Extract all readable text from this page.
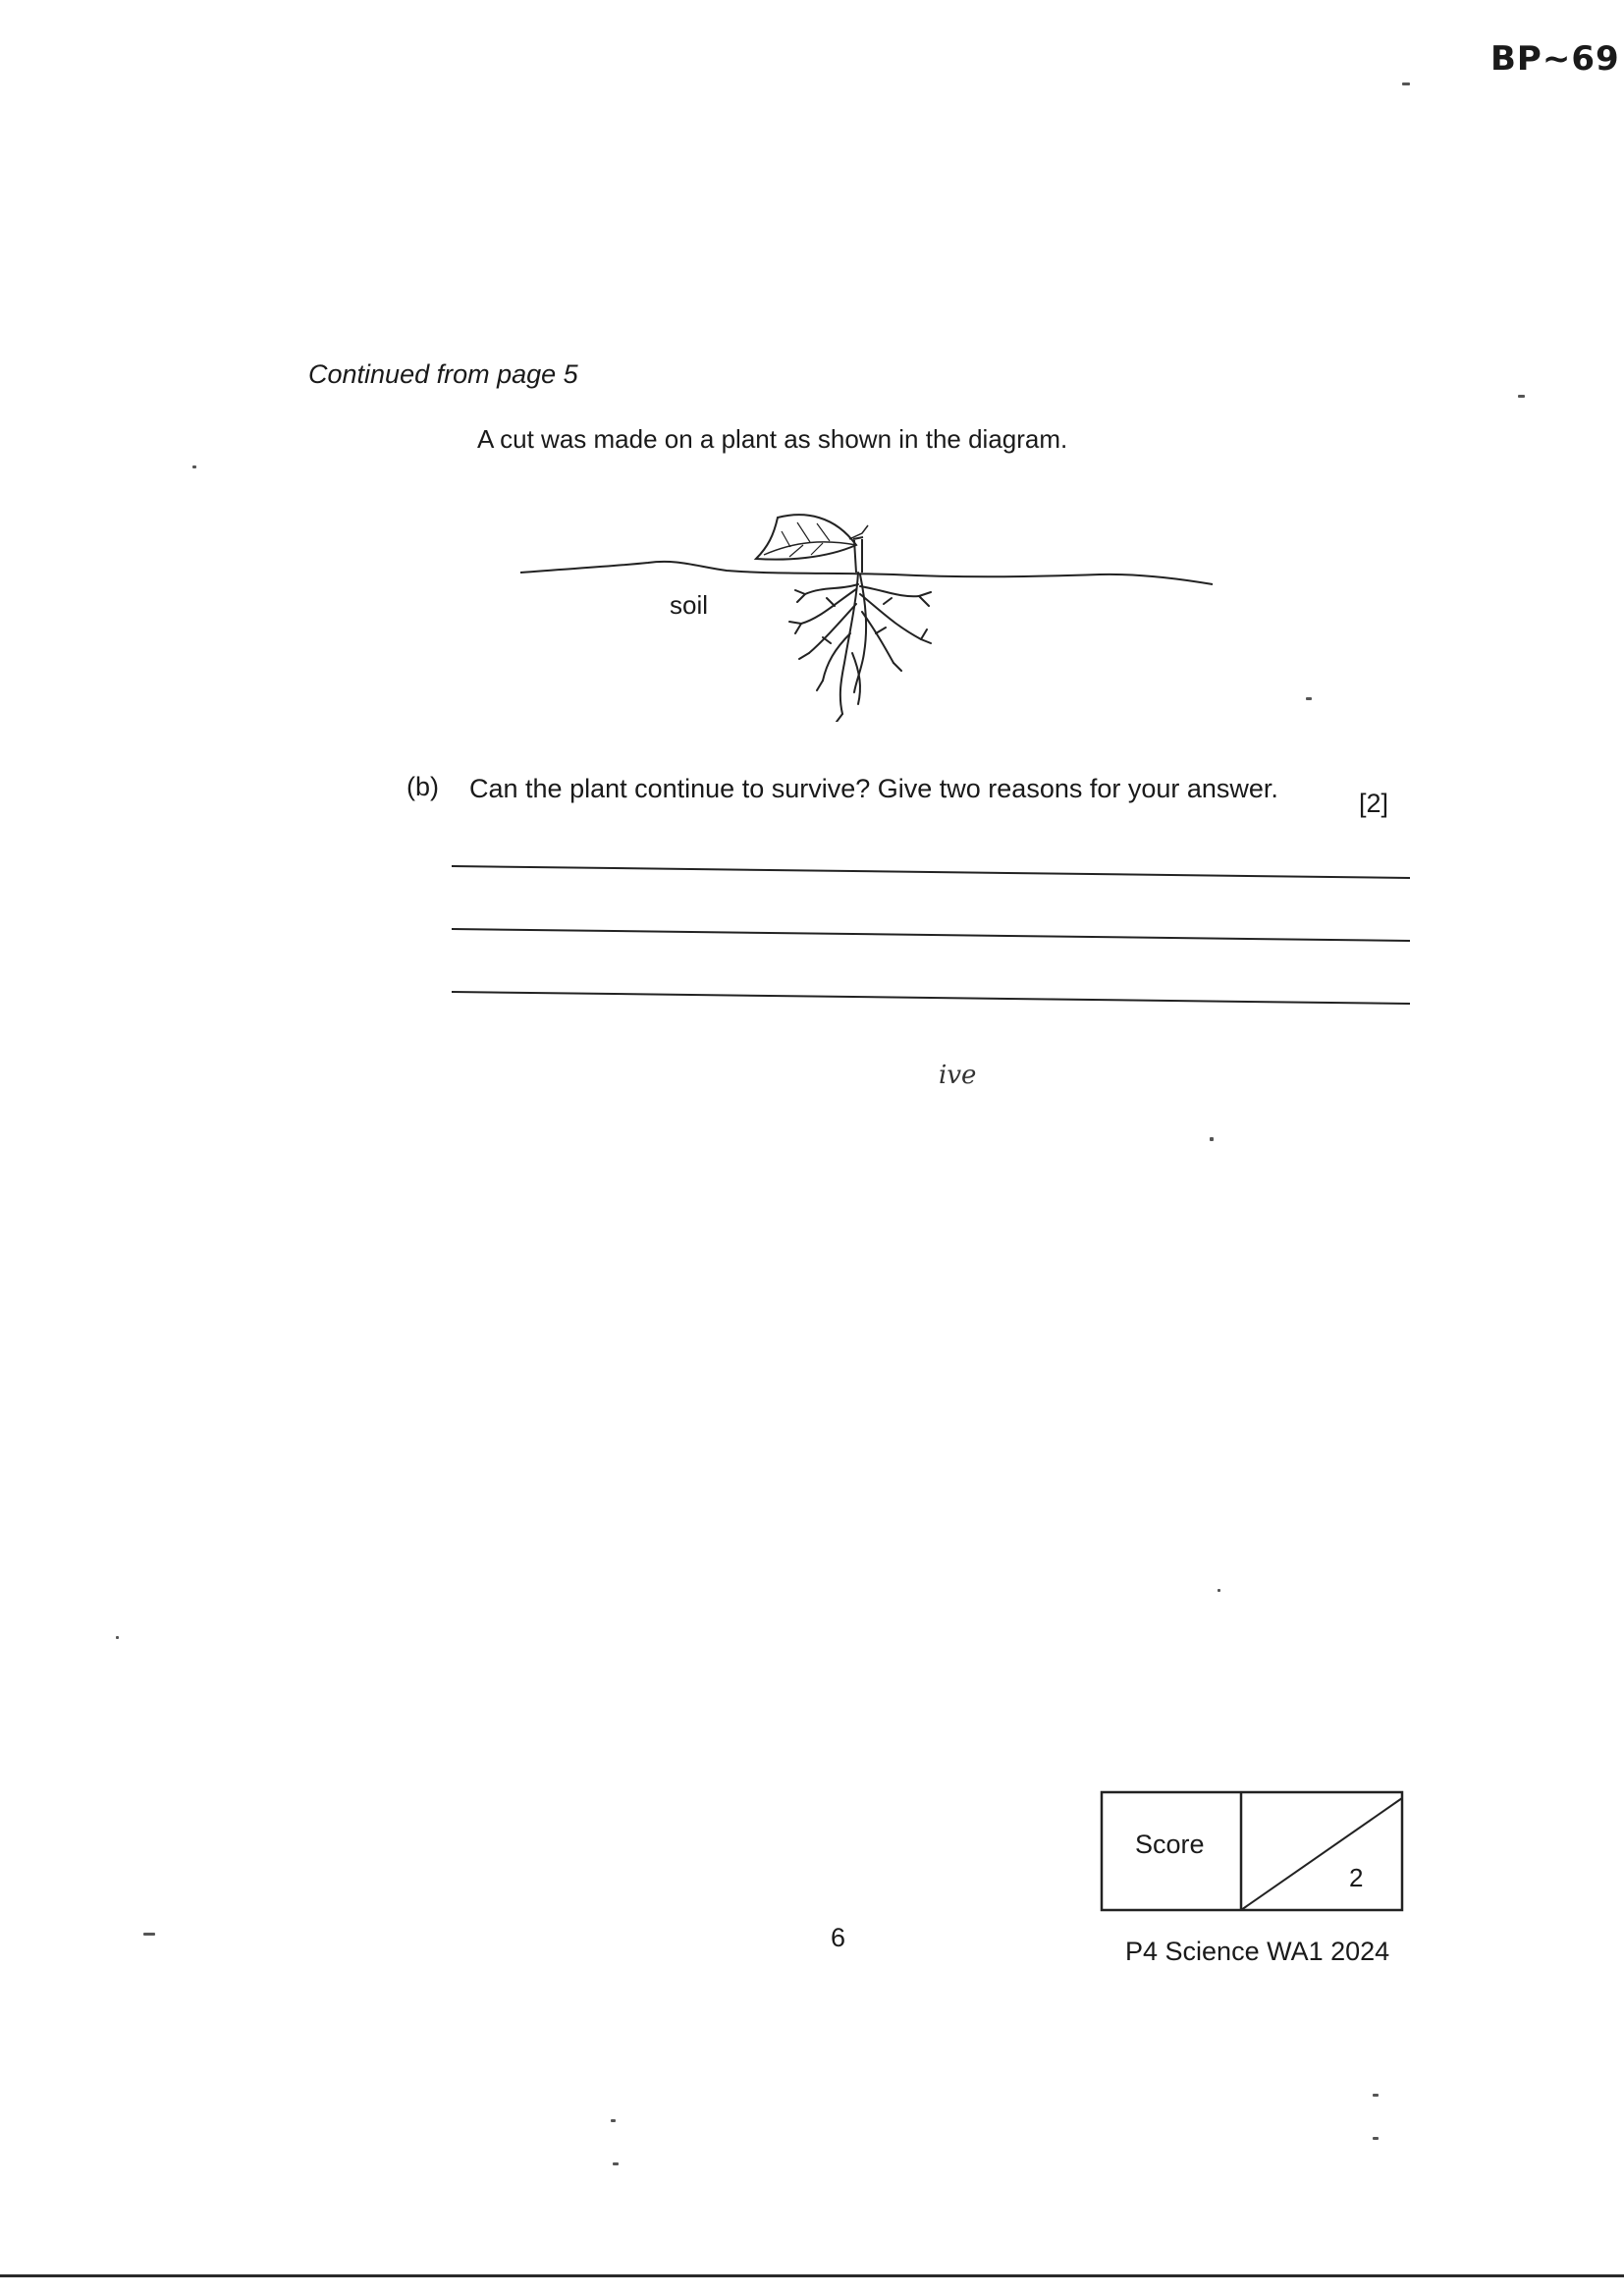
BP~69
Continued from page 5
A cut was made on a plant as shown in the diagram.
soil
(b) Can the plant continue to survive? Give two reasons for your answer.	[2]
ive
Score
2
6	P4 Science WA1 2024
